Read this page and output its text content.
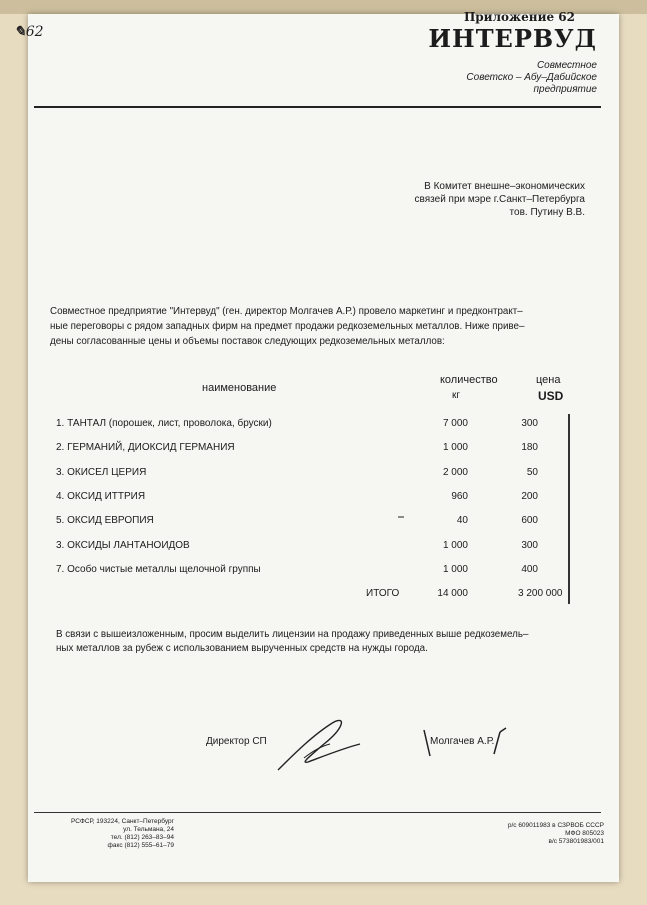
✎62
Приложение 62
ИНТЕРВУД
Совместное
Советско – Абу–Дабийское
предприятие
В Комитет внешне–экономических
связей при мэре г.Санкт–Петербурга
тов. Путину В.В.
Совместное предприятие "Интервуд" (ген. директор Молгачев А.Р.) провело маркетинг и предконтракт–
ные переговоры с рядом западных фирм на предмет продажи редкоземельных металлов. Ниже приве–
дены согласованные цены и объемы поставок следующих редкоземельных металлов:
наименование
количество
кг
цена
USD
1. ТАНТАЛ (порошек, лист, проволока, бруски)	7 000	300
2. ГЕРМАНИЙ, ДИОКСИД ГЕРМАНИЯ	1 000	180
3. ОКИСЕЛ ЦЕРИЯ	2 000	50
4. ОКСИД ИТТРИЯ	960	200
5. ОКСИД ЕВРОПИЯ	40	600
3. ОКСИДЫ ЛАНТАНОИДОВ	1 000	300
7. Особо чистые металлы щелочной группы	1 000	400
ИТОГО	14 000	3 200 000
В связи с вышеизложенным, просим выделить лицензии на продажу приведенных выше редкоземель–
ных металлов за рубеж с использованием вырученных средств на нужды города.
Директор СП	Молгачев А.Р.
РСФСР, 193224, Санкт–Петербург
ул. Тельмана, 24
тел. (812) 263–83–94
факс (812) 555–61–79
р/с 609011983 в СЗРВОБ СССР
МФО 805023
в/с 573801983/001
